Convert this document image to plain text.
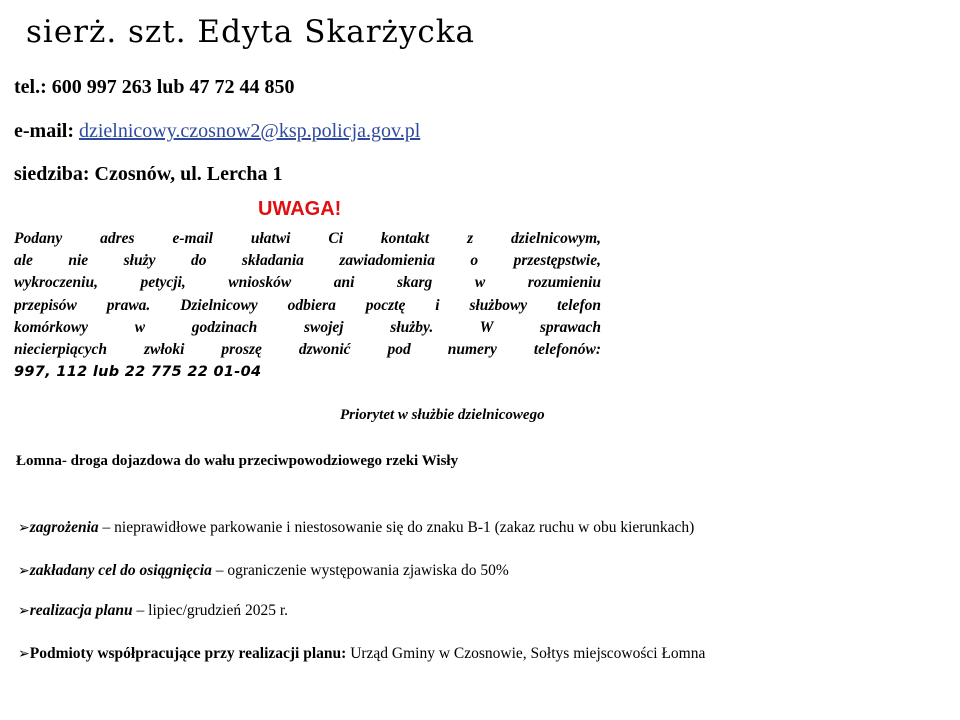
sierż. szt. Edyta Skarżycka
tel.: 600 997 263 lub 47 72 44 850
e-mail: dzielnicowy.czosnow2@ksp.policja.gov.pl
siedziba: Czosnów, ul. Lercha 1
UWAGA!
Podany adres e-mail ułatwi Ci kontakt z dzielnicowym,
ale nie służy do składania zawiadomienia o przestępstwie,
wykroczeniu, petycji, wniosków ani skarg w rozumieniu
przepisów prawa. Dzielnicowy odbiera pocztę i służbowy telefon
komórkowy w godzinach swojej służby. W sprawach
niecierpiących zwłoki proszę dzwonić pod numery telefonów:
997, 112 lub 22 775 22 01-04
Priorytet w służbie dzielnicowego
Łomna- droga dojazdowa do wału przeciwpowodziowego rzeki Wisły
➢zagrożenia – nieprawidłowe parkowanie i niestosowanie się do znaku B-1 (zakaz ruchu w obu kierunkach)
➢zakładany cel do osiągnięcia – ograniczenie występowania zjawiska do 50%
➢realizacja planu – lipiec/grudzień 2025 r.
➢Podmioty współpracujące przy realizacji planu: Urząd Gminy w Czosnowie, Sołtys miejscowości Łomna
